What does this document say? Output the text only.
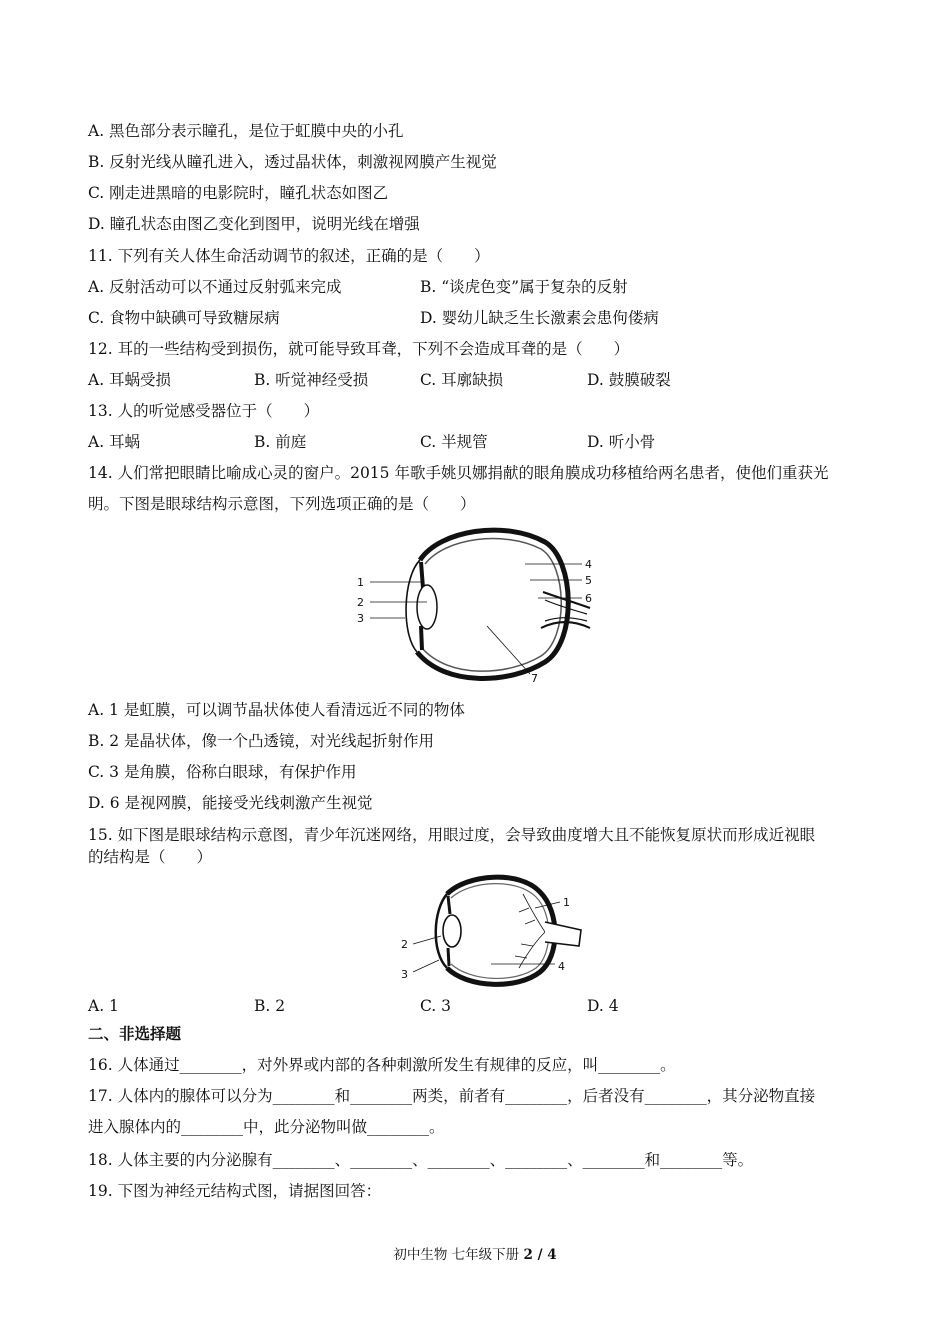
A. 黑色部分表示瞳孔，是位于虹膜中央的小孔
B. 反射光线从瞳孔进入，透过晶状体，刺激视网膜产生视觉
C. 刚走进黑暗的电影院时，瞳孔状态如图乙
D. 瞳孔状态由图乙变化到图甲，说明光线在增强
11. 下列有关人体生命活动调节的叙述，正确的是（　　）
A. 反射活动可以不通过反射弧来完成	B. “谈虎色变”属于复杂的反射
C. 食物中缺碘可导致糖尿病	D. 婴幼儿缺乏生长激素会患佝偻病
12. 耳的一些结构受到损伤，就可能导致耳聋，下列不会造成耳聋的是（　　）
A. 耳蜗受损	B. 听觉神经受损	C. 耳廓缺损	D. 鼓膜破裂
13. 人的听觉感受器位于（　　）
A. 耳蜗	B. 前庭	C. 半规管	D. 听小骨
14. 人们常把眼睛比喻成心灵的窗户。2015 年歌手姚贝娜捐献的眼角膜成功移植给两名患者，使他们重获光
明。下图是眼球结构示意图，下列选项正确的是（　　）
1
2
3
4
5
6
7
A. 1 是虹膜，可以调节晶状体使人看清远近不同的物体
B. 2 是晶状体，像一个凸透镜，对光线起折射作用
C. 3 是角膜，俗称白眼球，有保护作用
D. 6 是视网膜，能接受光线刺激产生视觉
15. 如下图是眼球结构示意图，青少年沉迷网络，用眼过度，会导致曲度增大且不能恢复原状而形成近视眼
的结构是（　　）
1
2
3
4
A. 1	B. 2	C. 3	D. 4
二、非选择题
16. 人体通过________，对外界或内部的各种刺激所发生有规律的反应，叫________。
17. 人体内的腺体可以分为________和________两类，前者有________，后者没有________，其分泌物直接
进入腺体内的________中，此分泌物叫做________。
18. 人体主要的内分泌腺有________、________、________、________、________和________等。
19. 下图为神经元结构式图，请据图回答：
初中生物 七年级下册 2 / 4
